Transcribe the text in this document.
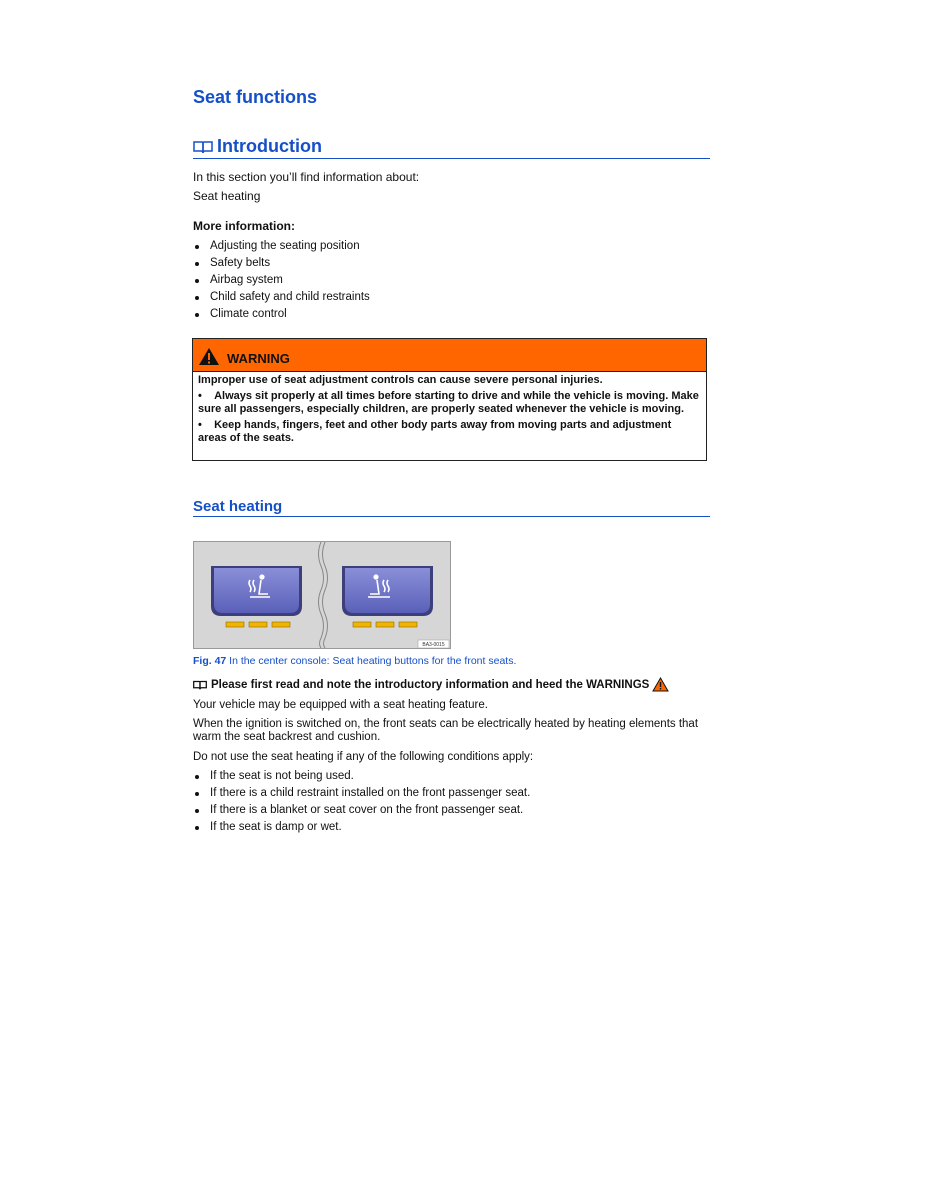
Seat functions
Introduction

In this section you’ll find information about:

Seat heating

More information:

Adjusting the seating position
Safety belts
Airbag system
Child safety and child restraints
Climate control
WARNING

Improper use of seat adjustment controls can cause severe personal injuries.

•    Always sit properly at all times before starting to drive and while the vehicle is moving. Make sure all passengers, especially children, are properly seated whenever the vehicle is moving.

•    Keep hands, fingers, feet and other body parts away from moving parts and adjustment areas of the seats.

Seat heating
BA3-0015

Fig. 47 In the center console: Seat heating buttons for the front seats.

Please first read and note the introductory information and heed the WARNINGS

Your vehicle may be equipped with a seat heating feature.

When the ignition is switched on, the front seats can be electrically heated by heating elements that warm the seat backrest and cushion.

Do not use the seat heating if any of the following conditions apply:

If the seat is not being used.
If there is a child restraint installed on the front passenger seat.
If there is a blanket or seat cover on the front passenger seat.
If the seat is damp or wet.
